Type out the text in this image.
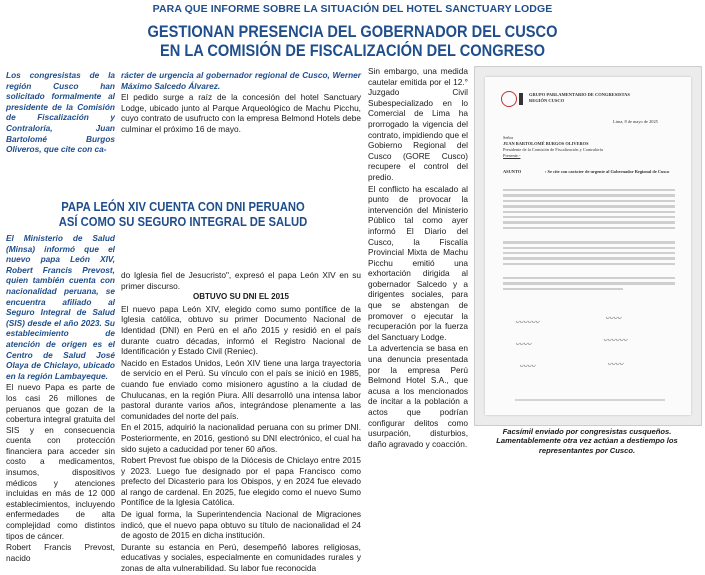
PARA QUE INFORME SOBRE LA SITUACIÓN DEL HOTEL SANCTUARY LODGE
GESTIONAN PRESENCIA DEL GOBERNADOR DEL CUSCO
EN LA COMISIÓN DE FISCALIZACIÓN DEL CONGRESO

Los congresistas de la región Cusco han solicitado formalmente al presidente de la Comisión de Fiscalización y Contraloría, Juan Bartolomé Burgos Oliveros, que cite con ca-

rácter de urgencia al gobernador regional de Cusco, Werner Máximo Salcedo Álvarez.

El pedido surge a raíz de la concesión del hotel Sanctuary Lodge, ubicado junto al Parque Arqueológico de Machu Picchu, cuyo contrato de usufructo con la empresa Belmond Hotels debe culminar el próximo 16 de mayo.

Sin embargo, una medida cautelar emitida por el 12.° Juzgado Civil Subespecializado en lo Comercial de Lima ha prorrogado la vigencia del contrato, impidiendo que el Gobierno Regional del Cusco (GORE Cusco) recupere el control del predio.

El conflicto ha escalado al punto de provocar la intervención del Ministerio Público tal como ayer informó El Diario del Cusco, la Fiscalía Provincial Mixta de Machu Picchu emitió una exhortación dirigida al gobernador Salcedo y a dirigentes sociales, para que se abstengan de promover o ejecutar la recuperación por la fuerza del Sanctuary Lodge.

La advertencia se basa en una denuncia presentada por la empresa Perú Belmond Hotel S.A., que acusa a los mencionados de incitar a la población a actos que podrían configurar delitos como usurpación, disturbios, daño agravado y coacción.

PAPA LEÓN XIV CUENTA CON DNI PERUANO
ASÍ COMO SU SEGURO INTEGRAL DE SALUD

El Ministerio de Salud (Minsa) informó que el nuevo papa León XIV, Robert Francis Prevost, quien también cuenta con nacionalidad peruana, se encuentra afiliado al Seguro Integral de Salud (SIS) desde el año 2023. Su establecimiento de atención de origen es el Centro de Salud José Olaya de Chiclayo, ubicado en la región Lambayeque.

El nuevo Papa es parte de los casi 26 millones de peruanos que gozan de la cobertura integral gratuita del SIS y en consecuencia cuenta con protección financiera para acceder sin costo a medicamentos, insumos, dispositivos médicos y atenciones incluidas en más de 12 000 establecimientos, incluyendo enfermedades de alta complejidad como distintos tipos de cáncer.

Robert Francis Prevost, nacido

do Iglesia fiel de Jesucristo", expresó el papa León XIV en su primer discurso.

OBTUVO SU DNI EL 2015

El nuevo papa León XIV, elegido como sumo pontífice de la Iglesia católica, obtuvo su primer Documento Nacional de Identidad (DNI) en Perú en el año 2015 y residió en el país durante cuatro décadas, informó el Registro Nacional de Identificación y Estado Civil (Reniec).

Nacido en Estados Unidos, León XIV tiene una larga trayectoria de servicio en el Perú. Su vínculo con el país se inició en 1985, cuando fue enviado como misionero agustino a la ciudad de Chulucanas, en la región Piura. Allí desarrolló una intensa labor pastoral durante varios años, integrándose plenamente a las comunidades del norte del país.

En el 2015, adquirió la nacionalidad peruana con su primer DNI. Posteriormente, en 2016, gestionó su DNI electrónico, el cual ha sido sujeto a caducidad por tener 60 años.

Robert Prevost fue obispo de la Diócesis de Chiclayo entre 2015 y 2023. Luego fue designado por el papa Francisco como prefecto del Dicasterio para los Obispos, y en 2024 fue elevado al rango de cardenal. En 2025, fue elegido como el nuevo Sumo Pontífice de la Iglesia Católica.

De igual forma, la Superintendencia Nacional de Migraciones indicó, que el nuevo papa obtuvo su título de nacionalidad el 24 de agosto de 2015 en dicha institución.

Durante su estancia en Perú, desempeñó labores religiosas, educativas y sociales, especialmente en comunidades rurales y zonas de alta vulnerabilidad. Su labor fue reconocida

GRUPO PARLAMENTARIO DE CONGRESISTAS REGIÓN CUSCO
Lima, 8 de mayo de 2025
Señor
JUAN BARTOLOMÉ BURGOS OLIVEROS
Presidente de la Comisión de Fiscalización y Contraloría
Presente.-
ASUNTO	: Se cite con carácter de urgente al Gobernador Regional de Cusco
〰〰〰	〰〰
〰〰	〰〰〰
〰〰	〰〰
Facsímil enviado por congresistas cusqueños. Lamentablemente otra vez actúan a destiempo los representantes por Cusco.
